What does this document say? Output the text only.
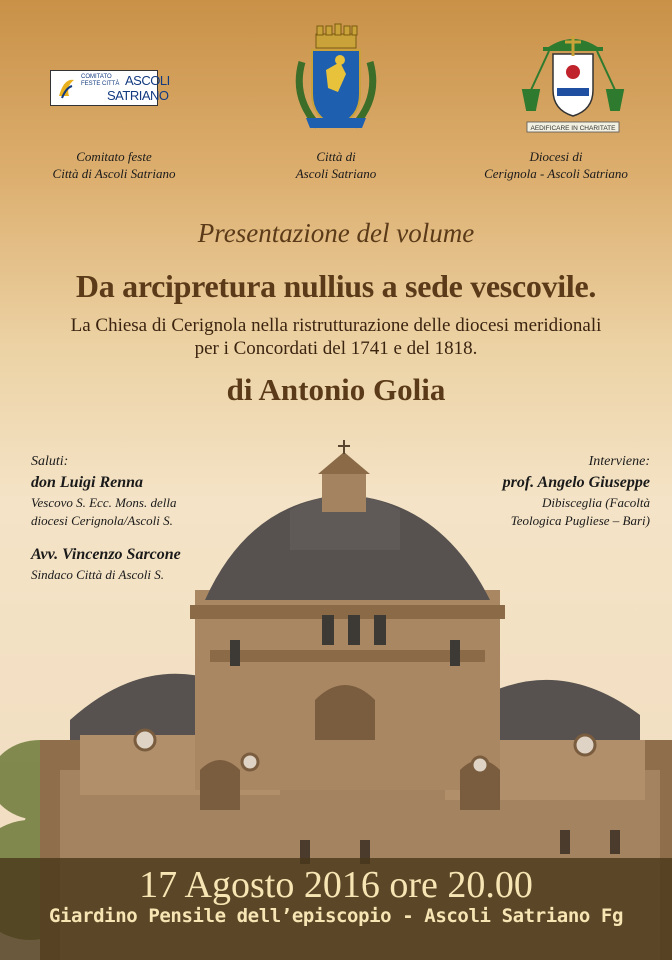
COMITATO FESTE CITTÀ ASCOLI
SATRIANO
AEDIFICARE IN CHARITATE
Comitato feste
Città di Ascoli Satriano
Città di
Ascoli Satriano
Diocesi di
Cerignola - Ascoli Satriano
Presentazione del volume
Da arcipretura nullius a sede vescovile.
La Chiesa di Cerignola nella ristrutturazione delle diocesi meridionali
per i Concordati del 1741 e del 1818.
di Antonio Golia
Saluti:
don Luigi Renna
Vescovo S. Ecc. Mons. della
diocesi Cerignola/Ascoli S.
Avv. Vincenzo Sarcone
Sindaco Città di Ascoli S.
Interviene:
prof. Angelo Giuseppe
Dibisceglia (Facoltà
Teologica Pugliese – Bari)
17 Agosto 2016 ore 20.00
Giardino Pensile dell’episcopio - Ascoli Satriano Fg
